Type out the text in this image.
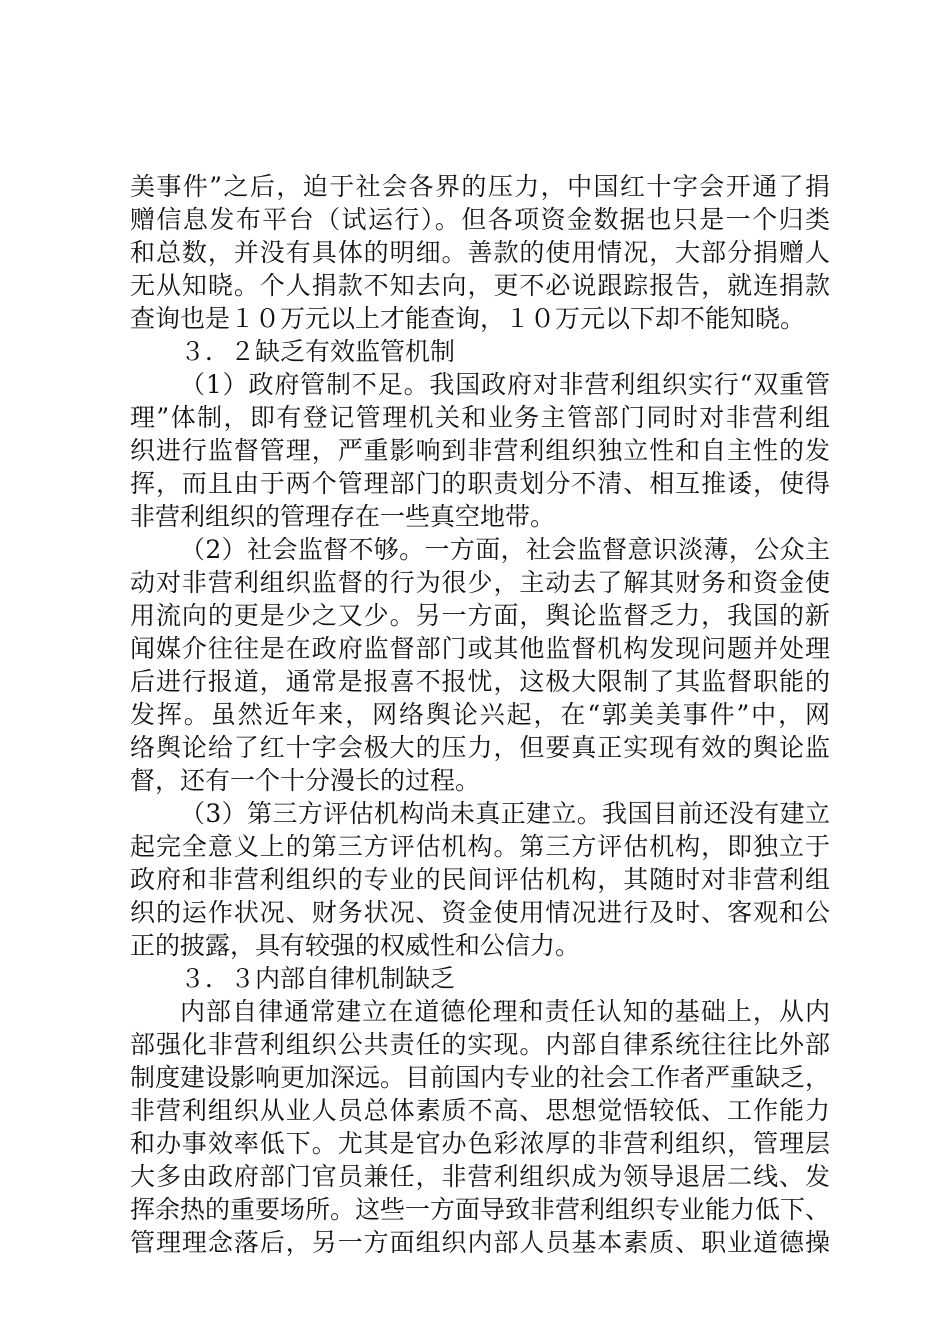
美事件”之后，迫于社会各界的压力，中国红十字会开通了捐
赠信息发布平台（试运行）。但各项资金数据也只是一个归类
和总数，并没有具体的明细。善款的使用情况，大部分捐赠人
无从知晓。个人捐款不知去向，更不必说跟踪报告，就连捐款
查询也是１０万元以上才能查询，１０万元以下却不能知晓。
３．２缺乏有效监管机制
（1）政府管制不足。我国政府对非营利组织实行“双重管
理”体制，即有登记管理机关和业务主管部门同时对非营利组
织进行监督管理，严重影响到非营利组织独立性和自主性的发
挥，而且由于两个管理部门的职责划分不清、相互推诿，使得
非营利组织的管理存在一些真空地带。
（2）社会监督不够。一方面，社会监督意识淡薄，公众主
动对非营利组织监督的行为很少，主动去了解其财务和资金使
用流向的更是少之又少。另一方面，舆论监督乏力，我国的新
闻媒介往往是在政府监督部门或其他监督机构发现问题并处理
后进行报道，通常是报喜不报忧，这极大限制了其监督职能的
发挥。虽然近年来，网络舆论兴起，在“郭美美事件”中，网
络舆论给了红十字会极大的压力，但要真正实现有效的舆论监
督，还有一个十分漫长的过程。
（3）第三方评估机构尚未真正建立。我国目前还没有建立
起完全意义上的第三方评估机构。第三方评估机构，即独立于
政府和非营利组织的专业的民间评估机构，其随时对非营利组
织的运作状况、财务状况、资金使用情况进行及时、客观和公
正的披露，具有较强的权威性和公信力。
３．３内部自律机制缺乏
内部自律通常建立在道德伦理和责任认知的基础上，从内
部强化非营利组织公共责任的实现。内部自律系统往往比外部
制度建设影响更加深远。目前国内专业的社会工作者严重缺乏，
非营利组织从业人员总体素质不高、思想觉悟较低、工作能力
和办事效率低下。尤其是官办色彩浓厚的非营利组织，管理层
大多由政府部门官员兼任，非营利组织成为领导退居二线、发
挥余热的重要场所。这些一方面导致非营利组织专业能力低下、
管理理念落后，另一方面组织内部人员基本素质、职业道德操
